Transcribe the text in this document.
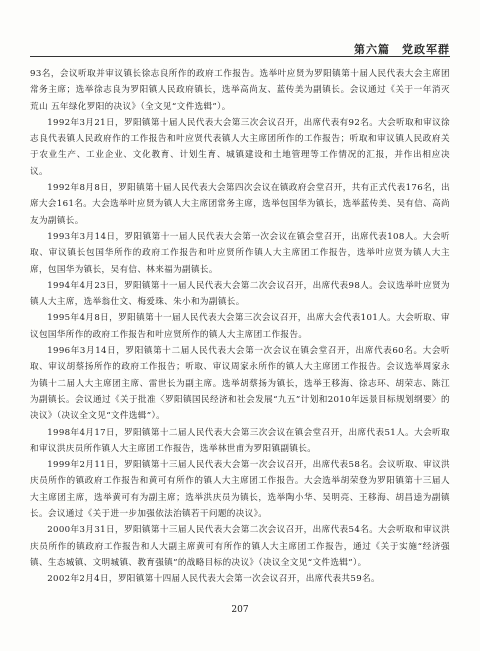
第六篇　党政军群

93名，会议听取并审议镇长徐志良所作的政府工作报告。选举叶应贤为罗阳镇第十届人民代表大会主席团常务主席；选举徐志良为罗阳镇人民政府镇长，选举高尚友、蓝传美为副镇长。会议通过《关于一年消灭荒山 五年绿化罗阳的决议》（全文见“文件选辑”）。

1992年3月21日，罗阳镇第十届人民代表大会第三次会议召开，出席代表有92名。大会听取和审议徐志良代表镇人民政府作的工作报告和叶应贤代表镇人大主席团所作的工作报告；听取和审议镇人民政府关于农业生产、工业企业、文化教育、计划生育、城镇建设和土地管理等工作情况的汇报，并作出相应决议。

1992年8月8日，罗阳镇第十届人民代表大会第四次会议在镇政府会堂召开，共有正式代表176名，出席大会161名。大会选举叶应贤为镇人大主席团常务主席，选举包国华为镇长，选举蓝传美、吴有信、高尚友为副镇长。

1993年3月14日，罗阳镇第十一届人民代表大会第一次会议在镇会堂召开，出席代表108人。大会听取、审议镇长包国华所作的政府工作报告和叶应贤所作镇人大主席团工作报告，选举叶应贤为镇人大主席，包国华为镇长，吴有信、林来福为副镇长。

1994年4月23日，罗阳镇第十一届人民代表大会第二次会议召开，出席代表98人。会议选举叶应贤为镇人大主席，选举翁仕文、梅爱珠、朱小和为副镇长。

1995年4月8日，罗阳镇第十一届人民代表大会第三次会议召开，出席大会代表101人。大会听取、审议包国华所作的政府工作报告和叶应贤所作的镇人大主席团工作报告。

1996年3月14日，罗阳镇第十二届人民代表大会第一次会议在镇会堂召开，出席代表60名。大会听取、审议胡蔡扬所作的政府工作报告；听取、审议周家永所作的镇人大主席团工作报告。会议选举周家永为镇十二届人大主席团主席、雷世长为副主席。选举胡蔡扬为镇长，选举王移海、徐志环、胡荣志、陈江为副镇长。会议通过《关于批准〈罗阳镇国民经济和社会发展“九五”计划和2010年远景目标规划纲要〉的决议》（决议全文见“文件选辑”）。

1998年4月17日，罗阳镇第十二届人民代表大会第三次会议在镇会堂召开，出席代表51人。大会听取和审议洪庆员所作镇人大主席团工作报告，选举林世甫为罗阳镇副镇长。

1999年2月11日，罗阳镇第十三届人民代表大会第一次会议召开，出席代表58名。会议听取、审议洪庆员所作的镇政府工作报告和黄可有所作的镇人大主席团工作报告。大会选举胡荣登为罗阳镇第十三届人大主席团主席，选举黄可有为副主席；选举洪庆员为镇长，选举陶小华、吴明亮、王移海、胡昌逵为副镇长。会议通过《关于进一步加强依法治镇若干问题的决议》。

2000年3月31日，罗阳镇第十三届人民代表大会第二次会议召开，出席代表54名。大会听取和审议洪庆员所作的镇政府工作报告和人大副主席黄可有所作的镇人大主席团工作报告，通过《关于实施“经济强镇、生态城镇、文明城镇、教育强镇”的战略目标的决议》（决议全文见“文件选辑”）。

2002年2月4日，罗阳镇第十四届人民代表大会第一次会议召开，出席代表共59名。

207
